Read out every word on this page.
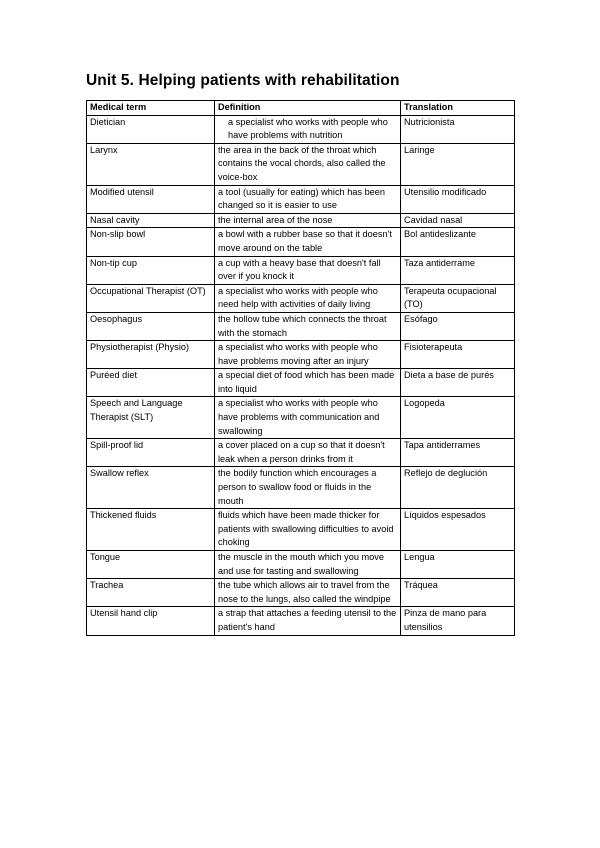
Unit 5. Helping patients with rehabilitation
Medical term	Definition	Translation
Dietician	a specialist who works with people who have problems with nutrition	Nutricionista
Larynx	the area in the back of the throat which contains the vocal chords, also called the voice-box	Laringe
Modified utensil	a tool (usually for eating) which has been changed so it is easier to use	Utensilio modificado
Nasal cavity	the internal area of the nose	Cavidad nasal
Non-slip bowl	a bowl with a rubber base so that it doesn't move around on the table	Bol antideslizante
Non-tip cup	a cup with a heavy base that doesn't fall over if you knock it	Taza antiderrame
Occupational Therapist (OT)	a specialist who works with people who need help with activities of daily living	Terapeuta ocupacional (TO)
Oesophagus	the hollow tube which connects the throat with the stomach	Esófago
Physiotherapist (Physio)	a specialist who works with people who have problems moving after an injury	Fisioterapeuta
Puréed diet	a special diet of food which has been made into liquid	Dieta a base de purés
Speech and Language Therapist (SLT)	a specialist who works with people who have problems with communication and swallowing	Logopeda
Spill-proof lid	a cover placed on a cup so that it doesn't leak when a person drinks from it	Tapa antiderrames
Swallow reflex	the bodily function which encourages a person to swallow food or fluids in the mouth	Reflejo de deglución
Thickened fluids	fluids which have been made thicker for patients with swallowing difficulties to avoid choking	Líquidos espesados
Tongue	the muscle in the mouth which you move and use for tasting and swallowing	Lengua
Trachea	the tube which allows air to travel from the nose to the lungs, also called the windpipe	Tráquea
Utensil hand clip	a strap that attaches a feeding utensil to the patient's hand	Pinza de mano para utensilios
